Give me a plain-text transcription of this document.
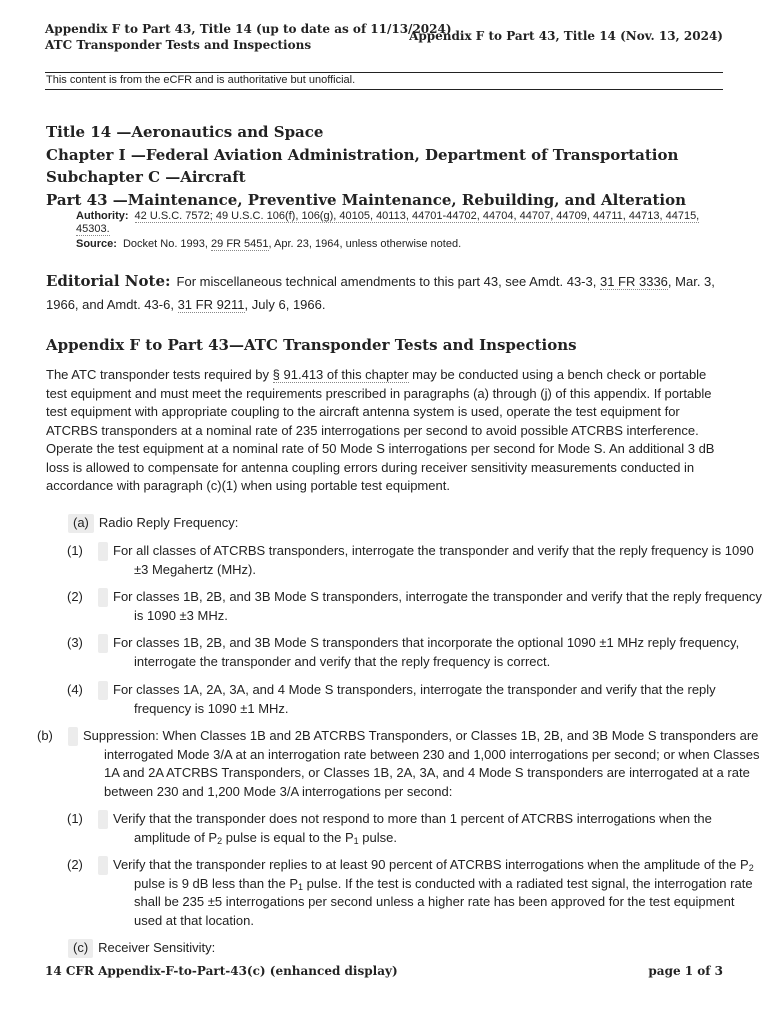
Appendix F to Part 43, Title 14 (up to date as of 11/13/2024)
ATC Transponder Tests and Inspections
Appendix F to Part 43, Title 14 (Nov. 13, 2024)
This content is from the eCFR and is authoritative but unofficial.
Title 14 —Aeronautics and Space
Chapter I —Federal Aviation Administration, Department of Transportation
Subchapter C —Aircraft
Part 43 —Maintenance, Preventive Maintenance, Rebuilding, and Alteration
Authority: 42 U.S.C. 7572; 49 U.S.C. 106(f), 106(g), 40105, 40113, 44701-44702, 44704, 44707, 44709, 44711, 44713, 44715,
45303.
Source: Docket No. 1993, 29 FR 5451, Apr. 23, 1964, unless otherwise noted.
Editorial Note: For miscellaneous technical amendments to this part 43, see Amdt. 43-3, 31 FR 3336, Mar. 3, 1966, and Amdt. 43-6, 31 FR 9211, July 6, 1966.
Appendix F to Part 43—ATC Transponder Tests and Inspections
The ATC transponder tests required by § 91.413 of this chapter may be conducted using a bench check or portable test equipment and must meet the requirements prescribed in paragraphs (a) through (j) of this appendix. If portable test equipment with appropriate coupling to the aircraft antenna system is used, operate the test equipment for ATCRBS transponders at a nominal rate of 235 interrogations per second to avoid possible ATCRBS interference. Operate the test equipment at a nominal rate of 50 Mode S interrogations per second for Mode S. An additional 3 dB loss is allowed to compensate for antenna coupling errors during receiver sensitivity measurements conducted in accordance with paragraph (c)(1) when using portable test equipment.
(a) Radio Reply Frequency:
(1) For all classes of ATCRBS transponders, interrogate the transponder and verify that the reply frequency is 1090 ±3 Megahertz (MHz).
(2) For classes 1B, 2B, and 3B Mode S transponders, interrogate the transponder and verify that the reply frequency is 1090 ±3 MHz.
(3) For classes 1B, 2B, and 3B Mode S transponders that incorporate the optional 1090 ±1 MHz reply frequency, interrogate the transponder and verify that the reply frequency is correct.
(4) For classes 1A, 2A, 3A, and 4 Mode S transponders, interrogate the transponder and verify that the reply frequency is 1090 ±1 MHz.
(b) Suppression: When Classes 1B and 2B ATCRBS Transponders, or Classes 1B, 2B, and 3B Mode S transponders are interrogated Mode 3/A at an interrogation rate between 230 and 1,000 interrogations per second; or when Classes 1A and 2A ATCRBS Transponders, or Classes 1B, 2A, 3A, and 4 Mode S transponders are interrogated at a rate between 230 and 1,200 Mode 3/A interrogations per second:
(1) Verify that the transponder does not respond to more than 1 percent of ATCRBS interrogations when the amplitude of $P_2$ pulse is equal to the $P_1$ pulse.
(2) Verify that the transponder replies to at least 90 percent of ATCRBS interrogations when the amplitude of the $P_2$ pulse is 9 dB less than the $P_1$ pulse. If the test is conducted with a radiated test signal, the interrogation rate shall be 235 ±5 interrogations per second unless a higher rate has been approved for the test equipment used at that location.
(c) Receiver Sensitivity:
14 CFR Appendix-F-to-Part-43(c) (enhanced display)	page 1 of 3
